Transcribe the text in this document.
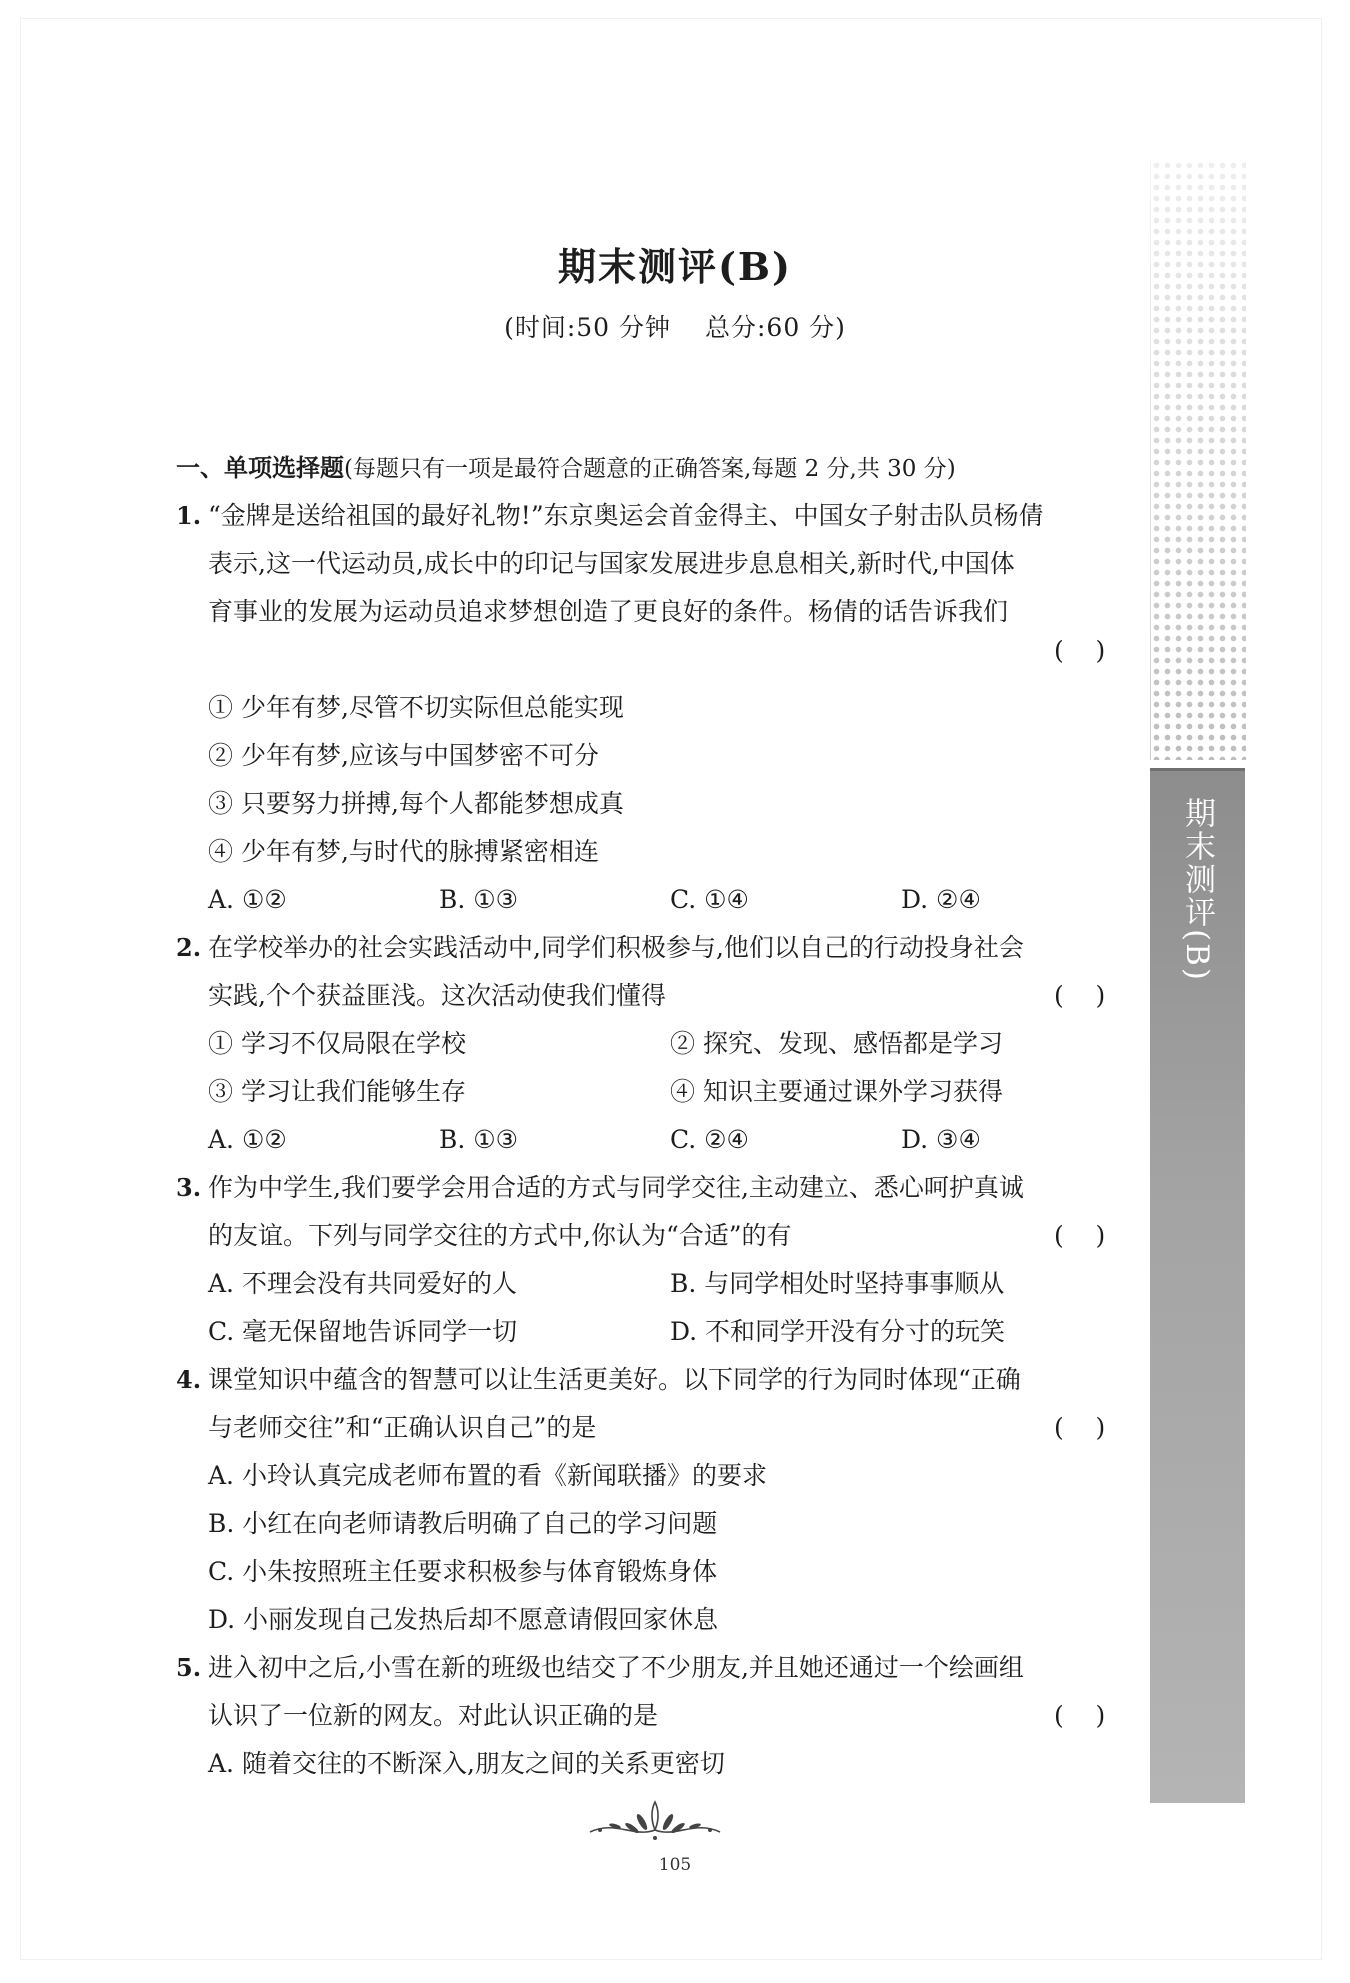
期末测评(B)
期末测评(B)
(时间:50 分钟 总分:60 分)
一、单项选择题(每题只有一项是最符合题意的正确答案,每题 2 分,共 30 分)
1. “金牌是送给祖国的最好礼物!”东京奥运会首金得主、中国女子射击队员杨倩
表示,这一代运动员,成长中的印记与国家发展进步息息相关,新时代,中国体
育事业的发展为运动员追求梦想创造了更良好的条件。杨倩的话告诉我们
(    )
① 少年有梦,尽管不切实际但总能实现
② 少年有梦,应该与中国梦密不可分
③ 只要努力拼搏,每个人都能梦想成真
④ 少年有梦,与时代的脉搏紧密相连
A. ①②	B. ①③	C. ①④	D. ②④
2. 在学校举办的社会实践活动中,同学们积极参与,他们以自己的行动投身社会
实践,个个获益匪浅。这次活动使我们懂得	(    )
① 学习不仅局限在学校	② 探究、发现、感悟都是学习
③ 学习让我们能够生存	④ 知识主要通过课外学习获得
A. ①②	B. ①③	C. ②④	D. ③④
3. 作为中学生,我们要学会用合适的方式与同学交往,主动建立、悉心呵护真诚
的友谊。下列与同学交往的方式中,你认为“合适”的有	(    )
A. 不理会没有共同爱好的人	B. 与同学相处时坚持事事顺从
C. 毫无保留地告诉同学一切	D. 不和同学开没有分寸的玩笑
4. 课堂知识中蕴含的智慧可以让生活更美好。以下同学的行为同时体现“正确
与老师交往”和“正确认识自己”的是	(    )
A. 小玲认真完成老师布置的看《新闻联播》的要求
B. 小红在向老师请教后明确了自己的学习问题
C. 小朱按照班主任要求积极参与体育锻炼身体
D. 小丽发现自己发热后却不愿意请假回家休息
5. 进入初中之后,小雪在新的班级也结交了不少朋友,并且她还通过一个绘画组
认识了一位新的网友。对此认识正确的是	(    )
A. 随着交往的不断深入,朋友之间的关系更密切
105
